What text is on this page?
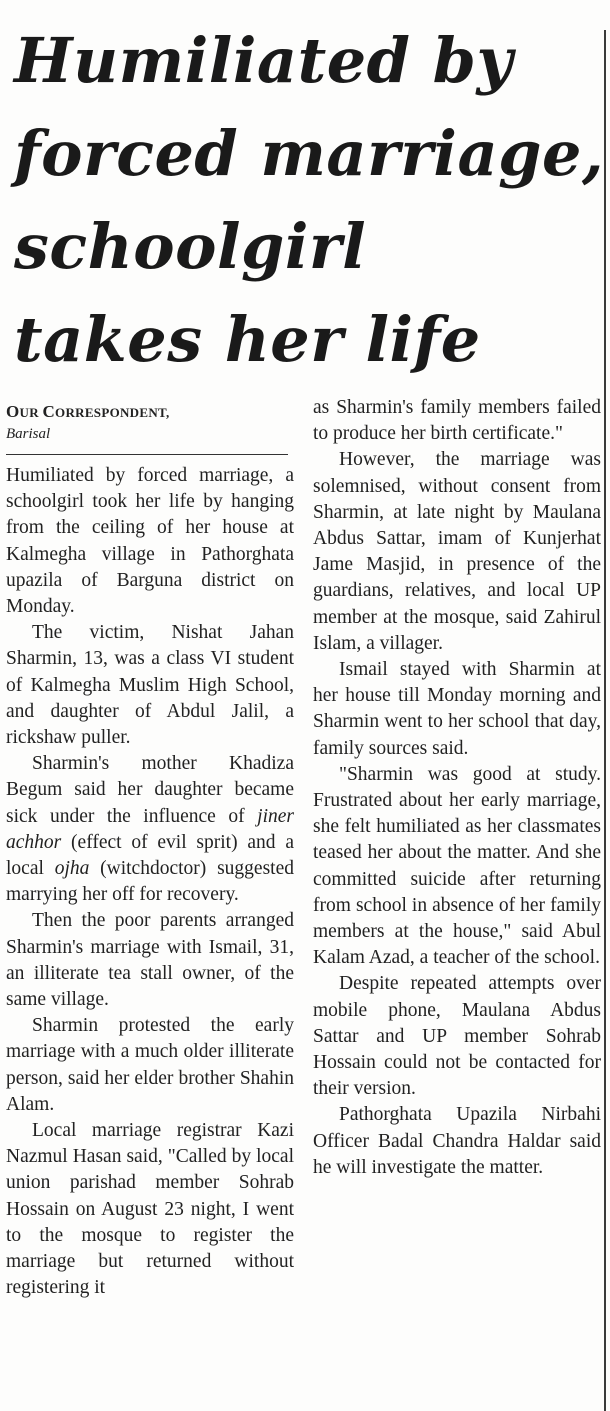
Humiliated by
forced marriage,
schoolgirl
takes her life
OUR CORRESPONDENT,
Barisal

Humiliated by forced marriage, a schoolgirl took her life by hanging from the ceiling of her house at Kalmegha village in Pathorghata upazila of Barguna district on Monday.

The victim, Nishat Jahan Sharmin, 13, was a class VI student of Kalmegha Muslim High School, and daughter of Abdul Jalil, a rickshaw puller.

Sharmin's mother Khadiza Begum said her daughter became sick under the influence of jiner achhor (effect of evil sprit) and a local ojha (witchdoctor) suggested marrying her off for recovery.

Then the poor parents arranged Sharmin's marriage with Ismail, 31, an illiterate tea stall owner, of the same village.

Sharmin protested the early marriage with a much older illiterate person, said her elder brother Shahin Alam.

Local marriage registrar Kazi Nazmul Hasan said, "Called by local union parishad member Sohrab Hossain on August 23 night, I went to the mosque to register the marriage but returned without registering it

as Sharmin's family members failed to produce her birth certificate."

However, the marriage was solemnised, without consent from Sharmin, at late night by Maulana Abdus Sattar, imam of Kunjerhat Jame Masjid, in presence of the guardians, relatives, and local UP member at the mosque, said Zahirul Islam, a villager.

Ismail stayed with Sharmin at her house till Monday morning and Sharmin went to her school that day, family sources said.

"Sharmin was good at study. Frustrated about her early marriage, she felt humiliated as her classmates teased her about the matter. And she committed suicide after returning from school in absence of her family members at the house," said Abul Kalam Azad, a teacher of the school.

Despite repeated attempts over mobile phone, Maulana Abdus Sattar and UP member Sohrab Hossain could not be contacted for their version.

Pathorghata Upazila Nirbahi Officer Badal Chandra Haldar said he will investigate the matter.
